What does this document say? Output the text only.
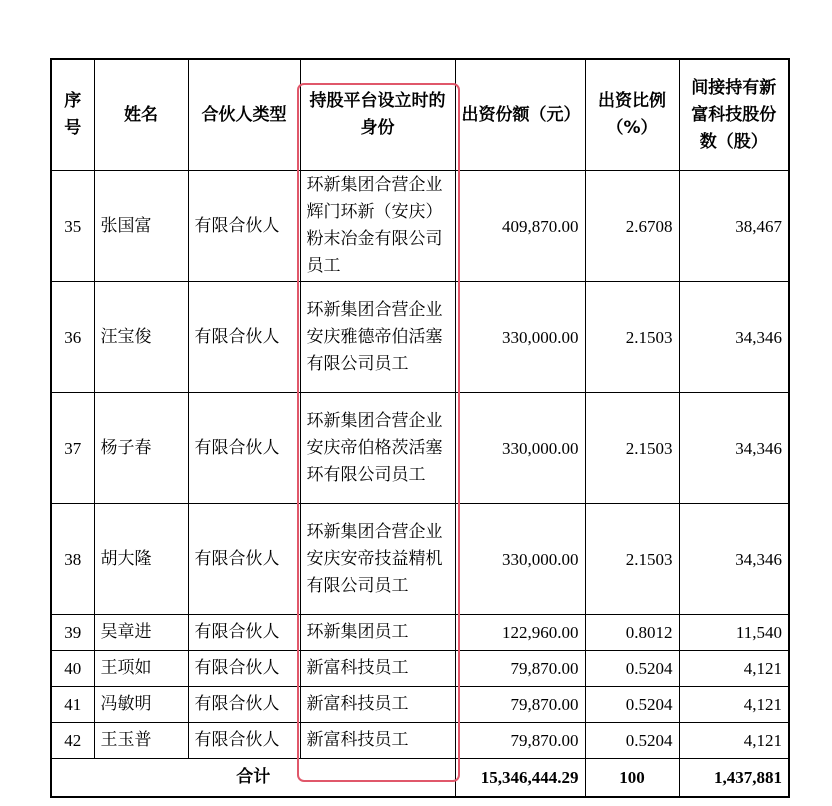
序号	姓名	合伙人类型	持股平台设立时的身份	出资份额（元）	出资比例（%）	间接持有新富科技股份数（股）
35	张国富	有限合伙人	环新集团合营企业辉门环新（安庆）粉末冶金有限公司员工	409,870.00	2.6708	38,467
36	汪宝俊	有限合伙人	环新集团合营企业安庆雅德帝伯活塞有限公司员工	330,000.00	2.1503	34,346
37	杨子春	有限合伙人	环新集团合营企业安庆帝伯格茨活塞环有限公司员工	330,000.00	2.1503	34,346
38	胡大隆	有限合伙人	环新集团合营企业安庆安帝技益精机有限公司员工	330,000.00	2.1503	34,346
39	吴章进	有限合伙人	环新集团员工	122,960.00	0.8012	11,540
40	王项如	有限合伙人	新富科技员工	79,870.00	0.5204	4,121
41	冯敏明	有限合伙人	新富科技员工	79,870.00	0.5204	4,121
42	王玉普	有限合伙人	新富科技员工	79,870.00	0.5204	4,121
合计				15,346,444.29	100	1,437,881
